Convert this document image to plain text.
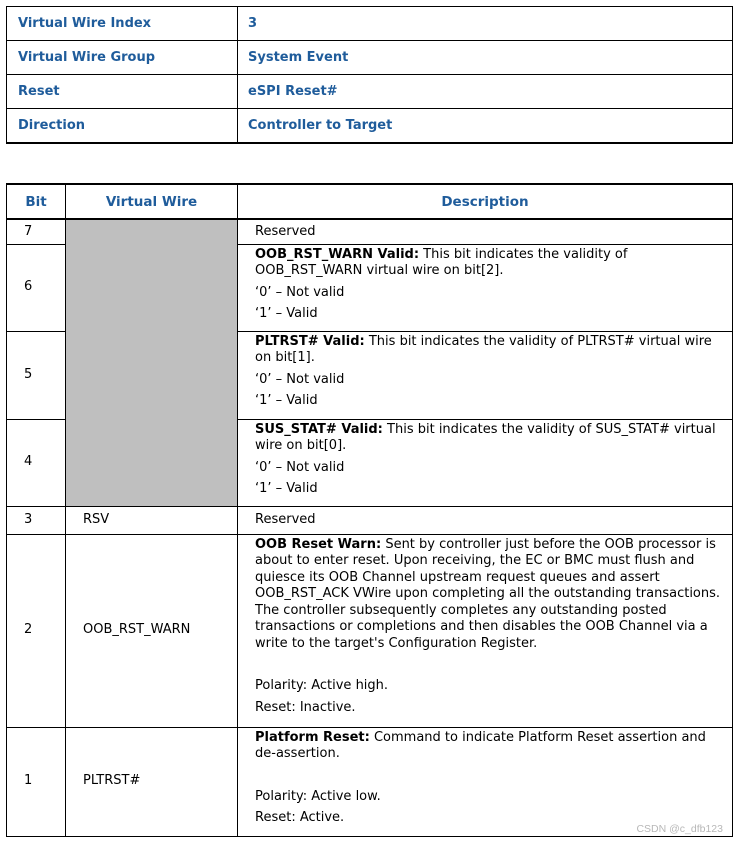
Virtual Wire Index	3
Virtual Wire Group	System Event
Reset	eSPI Reset#
Direction	Controller to Target
Bit	Virtual Wire	Description
7		Reserved

6		OOB_RST_WARN Valid: This bit indicates the validity of OOB_RST_WARN virtual wire on bit[2].
‘0’ – Not valid
‘1’ – Valid

5		PLTRST# Valid: This bit indicates the validity of PLTRST# virtual wire on bit[1].
‘0’ – Not valid
‘1’ – Valid

4		SUS_STAT# Valid: This bit indicates the validity of SUS_STAT# virtual wire on bit[0].
‘0’ – Not valid
‘1’ – Valid

3	RSV	Reserved

2	OOB_RST_WARN	OOB Reset Warn: Sent by controller just before the OOB processor is about to enter reset. Upon receiving, the EC or BMC must flush and quiesce its OOB Channel upstream request queues and assert OOB_RST_ACK VWire upon completing all the outstanding transactions. The controller subsequently completes any outstanding posted transactions or completions and then disables the OOB Channel via a write to the target's Configuration Register.
Polarity: Active high.
Reset: Inactive.

1	PLTRST#	Platform Reset: Command to indicate Platform Reset assertion and de-assertion.
Polarity: Active low.
Reset: Active.
CSDN @c_dfb123
